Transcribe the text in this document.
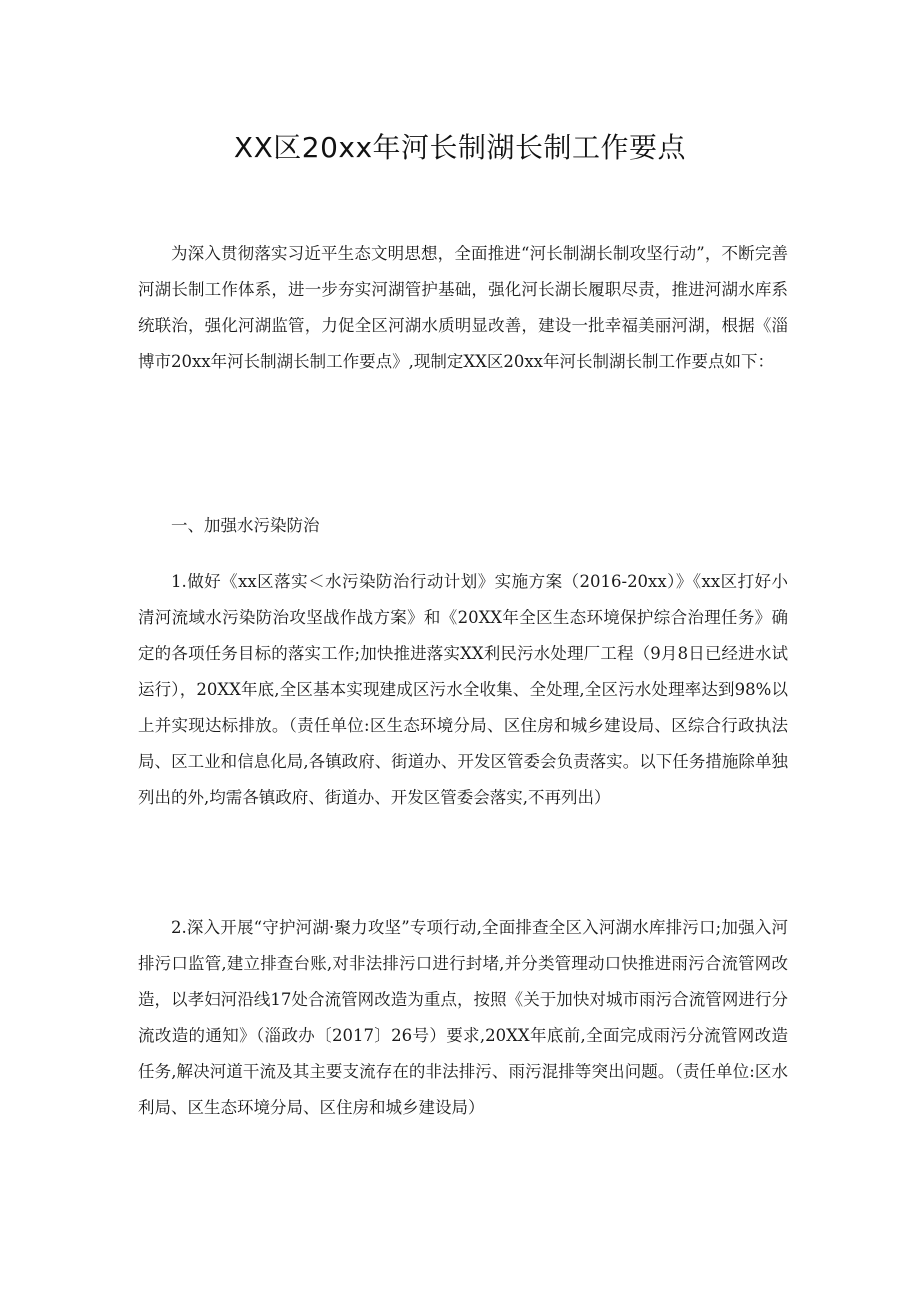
XX区20xx年河长制湖长制工作要点

为深入贯彻落实习近平生态文明思想，全面推进“河长制湖长制攻坚行动”，不断完善河湖长制工作体系，进一步夯实河湖管护基础，强化河长湖长履职尽责，推进河湖水库系统联治，强化河湖监管，力促全区河湖水质明显改善，建设一批幸福美丽河湖，根据《淄博市20xx年河长制湖长制工作要点》,现制定XX区20xx年河长制湖长制工作要点如下：

一、加强水污染防治

1.做好《xx区落实＜水污染防治行动计划》实施方案（2016-20xx）》《xx区打好小清河流域水污染防治攻坚战作战方案》和《20XX年全区生态环境保护综合治理任务》确定的各项任务目标的落实工作;加快推进落实XX利民污水处理厂工程（9月8日已经进水试运行），20XX年底,全区基本实现建成区污水全收集、全处理,全区污水处理率达到98%以上并实现达标排放。（责任单位:区生态环境分局、区住房和城乡建设局、区综合行政执法局、区工业和信息化局,各镇政府、街道办、开发区管委会负责落实。以下任务措施除单独列出的外,均需各镇政府、街道办、开发区管委会落实,不再列出）

2.深入开展“守护河湖·聚力攻坚”专项行动,全面排查全区入河湖水库排污口;加强入河排污口监管,建立排查台账,对非法排污口进行封堵,并分类管理动口快推进雨污合流管网改造，以孝妇河沿线17处合流管网改造为重点，按照《关于加快对城市雨污合流管网进行分流改造的通知》（淄政办〔2017〕26号）要求,20XX年底前,全面完成雨污分流管网改造任务,解决河道干流及其主要支流存在的非法排污、雨污混排等突出问题。（责任单位:区水利局、区生态环境分局、区住房和城乡建设局）
